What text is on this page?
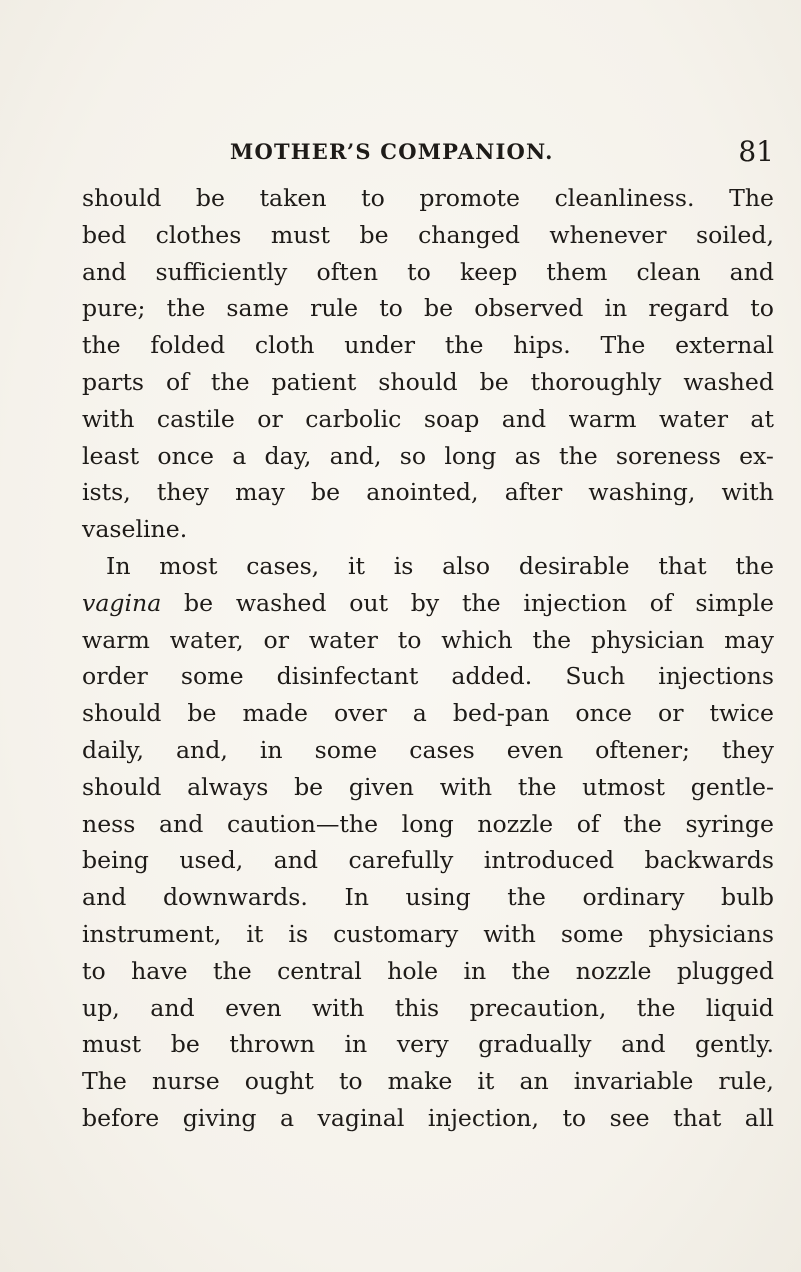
MOTHER’S COMPANION.	81
should be taken to promote cleanliness. The
bed clothes must be changed whenever soiled,
and sufficiently often to keep them clean and
pure; the same rule to be observed in regard to
the folded cloth under the hips. The external
parts of the patient should be thoroughly washed
with castile or carbolic soap and warm water at
least once a day, and, so long as the soreness ex-
ists, they may be anointed, after washing, with
vaseline.
In most cases, it is also desirable that the
vagina be washed out by the injection of simple
warm water, or water to which the physician may
order some disinfectant added. Such injections
should be made over a bed-pan once or twice
daily, and, in some cases even oftener; they
should always be given with the utmost gentle-
ness and caution—the long nozzle of the syringe
being used, and carefully introduced backwards
and downwards. In using the ordinary bulb
instrument, it is customary with some physicians
to have the central hole in the nozzle plugged
up, and even with this precaution, the liquid
must be thrown in very gradually and gently.
The nurse ought to make it an invariable rule,
before giving a vaginal injection, to see that all
